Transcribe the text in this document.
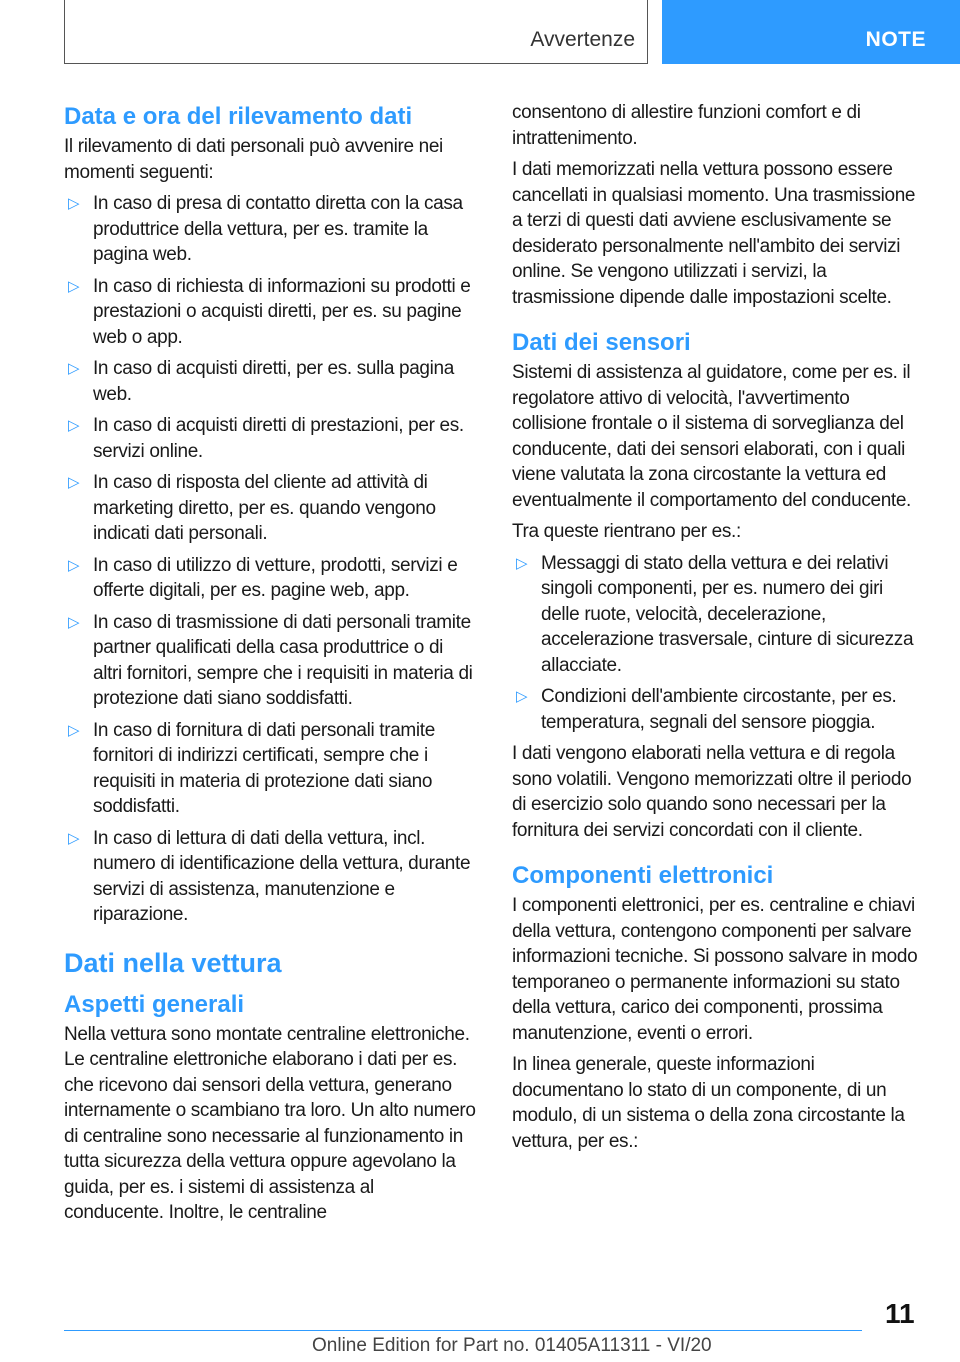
Avvertenze	NOTE
Data e ora del rilevamento dati

Il rilevamento di dati personali può avvenire nei momenti seguenti:

▷ In caso di presa di contatto diretta con la casa produttrice della vettura, per es. tramite la pagina web.
▷ In caso di richiesta di informazioni su prodotti e prestazioni o acquisti diretti, per es. su pagine web o app.
▷ In caso di acquisti diretti, per es. sulla pagina web.
▷ In caso di acquisti diretti di prestazioni, per es. servizi online.
▷ In caso di risposta del cliente ad attività di marketing diretto, per es. quando vengono indicati dati personali.
▷ In caso di utilizzo di vetture, prodotti, servizi e offerte digitali, per es. pagine web, app.
▷ In caso di trasmissione di dati personali tramite partner qualificati della casa produttrice o di altri fornitori, sempre che i requisiti in materia di protezione dati siano soddisfatti.
▷ In caso di fornitura di dati personali tramite fornitori di indirizzi certificati, sempre che i requisiti in materia di protezione dati siano soddisfatti.
▷ In caso di lettura di dati della vettura, incl. numero di identificazione della vettura, durante servizi di assistenza, manutenzione e riparazione.
Dati nella vettura
Aspetti generali

Nella vettura sono montate centraline elettroniche. Le centraline elettroniche elaborano i dati per es. che ricevono dai sensori della vettura, generano internamente o scambiano tra loro. Un alto numero di centraline sono necessarie al funzionamento in tutta sicurezza della vettura oppure agevolano la guida, per es. i sistemi di assistenza al conducente. Inoltre, le centraline

consentono di allestire funzioni comfort e di intrattenimento.

I dati memorizzati nella vettura possono essere cancellati in qualsiasi momento. Una trasmissione a terzi di questi dati avviene esclusivamente se desiderato personalmente nell'ambito dei servizi online. Se vengono utilizzati i servizi, la trasmissione dipende dalle impostazioni scelte.

Dati dei sensori

Sistemi di assistenza al guidatore, come per es. il regolatore attivo di velocità, l'avvertimento collisione frontale o il sistema di sorveglianza del conducente, dati dei sensori elaborati, con i quali viene valutata la zona circostante la vettura ed eventualmente il comportamento del conducente.

Tra queste rientrano per es.:

▷ Messaggi di stato della vettura e dei relativi singoli componenti, per es. numero dei giri delle ruote, velocità, decelerazione, accelerazione trasversale, cinture di sicurezza allacciate.
▷ Condizioni dell'ambiente circostante, per es. temperatura, segnali del sensore pioggia.

I dati vengono elaborati nella vettura e di regola sono volatili. Vengono memorizzati oltre il periodo di esercizio solo quando sono necessari per la fornitura dei servizi concordati con il cliente.

Componenti elettronici

I componenti elettronici, per es. centraline e chiavi della vettura, contengono componenti per salvare informazioni tecniche. Si possono salvare in modo temporaneo o permanente informazioni su stato della vettura, carico dei componenti, prossima manutenzione, eventi o errori.

In linea generale, queste informazioni documentano lo stato di un componente, di un modulo, di un sistema o della zona circostante la vettura, per es.:

11
Online Edition for Part no. 01405A11311 - VI/20
